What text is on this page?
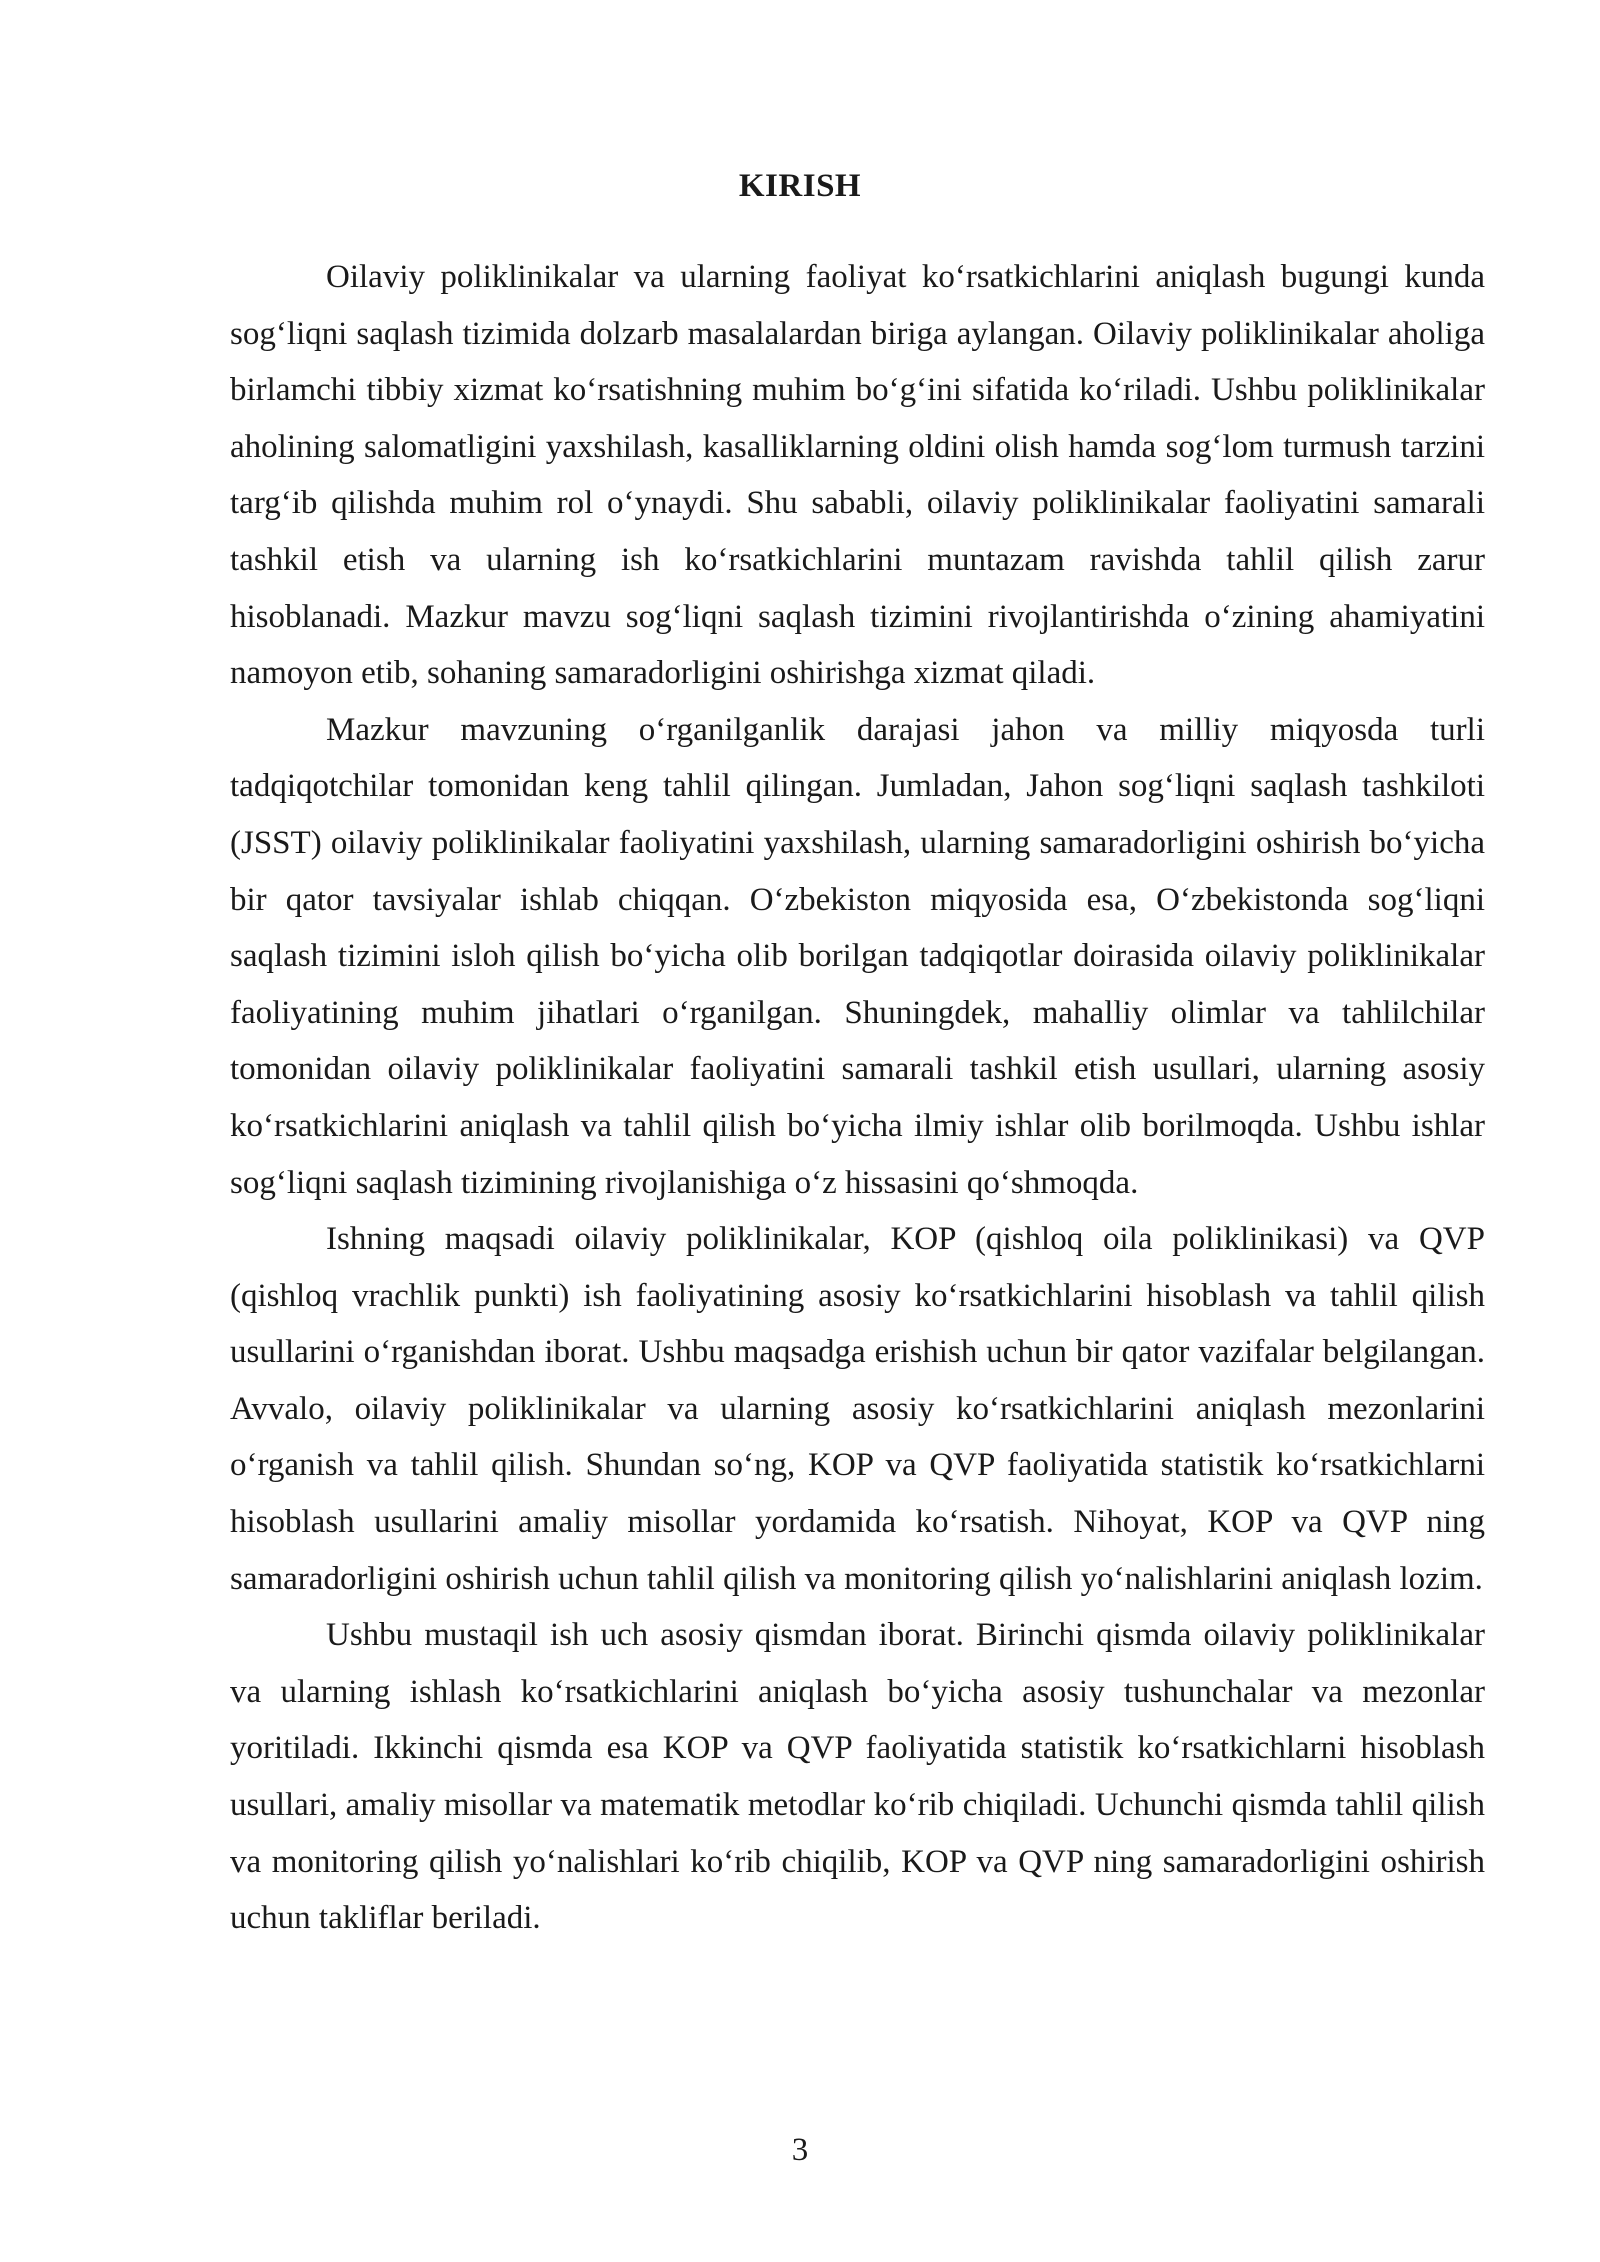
KIRISH

Oilaviy poliklinikalar va ularning faoliyat ko‘rsatkichlarini aniqlash bugungi kunda sog‘liqni saqlash tizimida dolzarb masalalardan biriga aylangan. Oilaviy poliklinikalar aholiga birlamchi tibbiy xizmat ko‘rsatishning muhim bo‘g‘ini sifatida ko‘riladi. Ushbu poliklinikalar aholining salomatligini yaxshilash, kasalliklarning oldini olish hamda sog‘lom turmush tarzini targ‘ib qilishda muhim rol o‘ynaydi. Shu sababli, oilaviy poliklinikalar faoliyatini samarali tashkil etish va ularning ish ko‘rsatkichlarini muntazam ravishda tahlil qilish zarur hisoblanadi. Mazkur mavzu sog‘liqni saqlash tizimini rivojlantirishda o‘zining ahamiyatini namoyon etib, sohaning samaradorligini oshirishga xizmat qiladi.

Mazkur mavzuning o‘rganilganlik darajasi jahon va milliy miqyosda turli tadqiqotchilar tomonidan keng tahlil qilingan. Jumladan, Jahon sog‘liqni saqlash tashkiloti (JSST) oilaviy poliklinikalar faoliyatini yaxshilash, ularning samaradorligini oshirish bo‘yicha bir qator tavsiyalar ishlab chiqqan. O‘zbekiston miqyosida esa, O‘zbekistonda sog‘liqni saqlash tizimini isloh qilish bo‘yicha olib borilgan tadqiqotlar doirasida oilaviy poliklinikalar faoliyatining muhim jihatlari o‘rganilgan. Shuningdek, mahalliy olimlar va tahlilchilar tomonidan oilaviy poliklinikalar faoliyatini samarali tashkil etish usullari, ularning asosiy ko‘rsatkichlarini aniqlash va tahlil qilish bo‘yicha ilmiy ishlar olib borilmoqda. Ushbu ishlar sog‘liqni saqlash tizimining rivojlanishiga o‘z hissasini qo‘shmoqda.

Ishning maqsadi oilaviy poliklinikalar, KOP (qishloq oila poliklinikasi) va QVP (qishloq vrachlik punkti) ish faoliyatining asosiy ko‘rsatkichlarini hisoblash va tahlil qilish usullarini o‘rganishdan iborat. Ushbu maqsadga erishish uchun bir qator vazifalar belgilangan. Avvalo, oilaviy poliklinikalar va ularning asosiy ko‘rsatkichlarini aniqlash mezonlarini o‘rganish va tahlil qilish. Shundan so‘ng, KOP va QVP faoliyatida statistik ko‘rsatkichlarni hisoblash usullarini amaliy misollar yordamida ko‘rsatish. Nihoyat, KOP va QVP ning samaradorligini oshirish uchun tahlil qilish va monitoring qilish yo‘nalishlarini aniqlash lozim.

Ushbu mustaqil ish uch asosiy qismdan iborat. Birinchi qismda oilaviy poliklinikalar va ularning ishlash ko‘rsatkichlarini aniqlash bo‘yicha asosiy tushunchalar va mezonlar yoritiladi. Ikkinchi qismda esa KOP va QVP faoliyatida statistik ko‘rsatkichlarni hisoblash usullari, amaliy misollar va matematik metodlar ko‘rib chiqiladi. Uchunchi qismda tahlil qilish va monitoring qilish yo‘nalishlari ko‘rib chiqilib, KOP va QVP ning samaradorligini oshirish uchun takliflar beriladi.

3
